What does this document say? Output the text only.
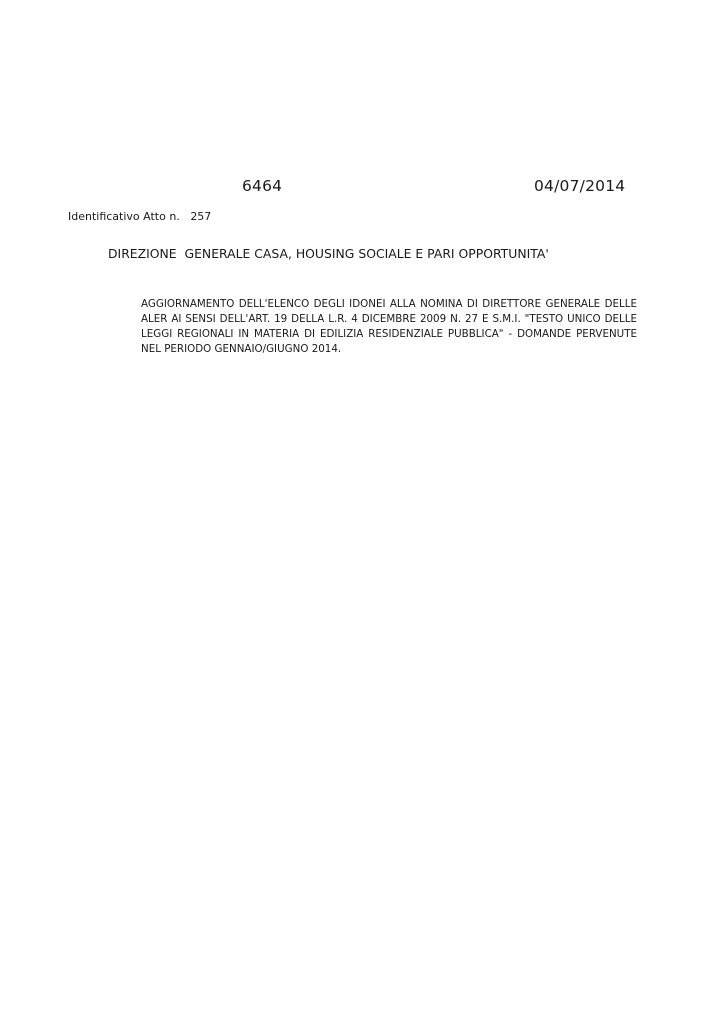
6464	04/07/2014
Identificativo Atto n. 257
DIREZIONE  GENERALE CASA, HOUSING SOCIALE E PARI OPPORTUNITA'

AGGIORNAMENTO DELL'ELENCO DEGLI IDONEI ALLA NOMINA DI DIRETTORE GENERALE DELLE ALER AI SENSI DELL'ART. 19 DELLA L.R. 4 DICEMBRE 2009 N. 27 E S.M.I. "TESTO UNICO DELLE LEGGI REGIONALI IN MATERIA DI EDILIZIA RESIDENZIALE PUBBLICA" - DOMANDE PERVENUTE NEL PERIODO GENNAIO/GIUGNO 2014.
